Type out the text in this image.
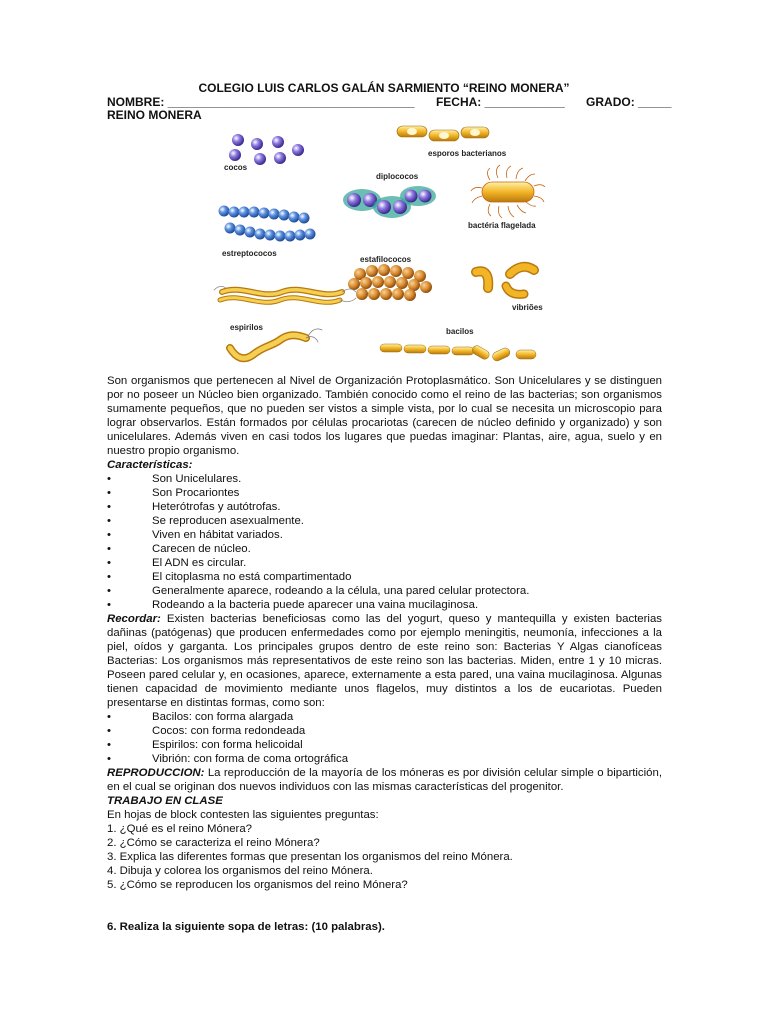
COLEGIO LUIS CARLOS GALÁN SARMIENTO “REINO MONERA”
NOMBRE: _____________________________________ FECHA: ____________ GRADO: _____
REINO MONERA
cocos
esporos bacterianos
diplococos
bactéria flagelada
estreptococos
estafilococos
vibriões
espirilos	bacilos

Son organismos que pertenecen al Nivel de Organización Protoplasmático. Son Unicelulares y se distinguen por no poseer un Núcleo bien organizado. También conocido como el reino de las bacterias; son organismos sumamente pequeños, que no pueden ser vistos a simple vista, por lo cual se necesita un microscopio para lograr observarlos. Están formados por células procariotas (carecen de núcleo definido y organizado) y son unicelulares. Además viven en casi todos los lugares que puedas imaginar: Plantas, aire, agua, suelo y en nuestro propio organismo.

Características:
• Son Unicelulares.
• Son Procariontes
• Heterótrofas y autótrofas.
• Se reproducen asexualmente.
• Viven en hábitat variados.
• Carecen de núcleo.
• El ADN es circular.
• El citoplasma no está compartimentado
• Generalmente aparece, rodeando a la célula, una pared celular protectora.
• Rodeando a la bacteria puede aparecer una vaina mucilaginosa.

Recordar: Existen bacterias beneficiosas como las del yogurt, queso y mantequilla y existen bacterias dañinas (patógenas) que producen enfermedades como por ejemplo meningitis, neumonía, infecciones a la piel, oídos y garganta. Los principales grupos dentro de este reino son: Bacterias Y Algas cianofíceas Bacterias: Los organismos más representativos de este reino son las bacterias. Miden, entre 1 y 10 micras. Poseen pared celular y, en ocasiones, aparece, externamente a esta pared, una vaina mucilaginosa. Algunas tienen capacidad de movimiento mediante unos flagelos, muy distintos a los de eucariotas. Pueden presentarse en distintas formas, como son:

• Bacilos: con forma alargada
• Cocos: con forma redondeada
• Espirilos: con forma helicoidal
• Vibrión: con forma de coma ortográfica

REPRODUCCION: La reproducción de la mayoría de los móneras es por división celular simple o bipartición, en el cual se originan dos nuevos individuos con las mismas características del progenitor.

TRABAJO EN CLASE
En hojas de block contesten las siguientes preguntas:
1. ¿Qué es el reino Mónera?
2. ¿Cómo se caracteriza el reino Mónera?
3. Explica las diferentes formas que presentan los organismos del reino Mónera.
4. Dibuja y colorea los organismos del reino Mónera.
5. ¿Cómo se reproducen los organismos del reino Mónera?
6. Realiza la siguiente sopa de letras: (10 palabras).
